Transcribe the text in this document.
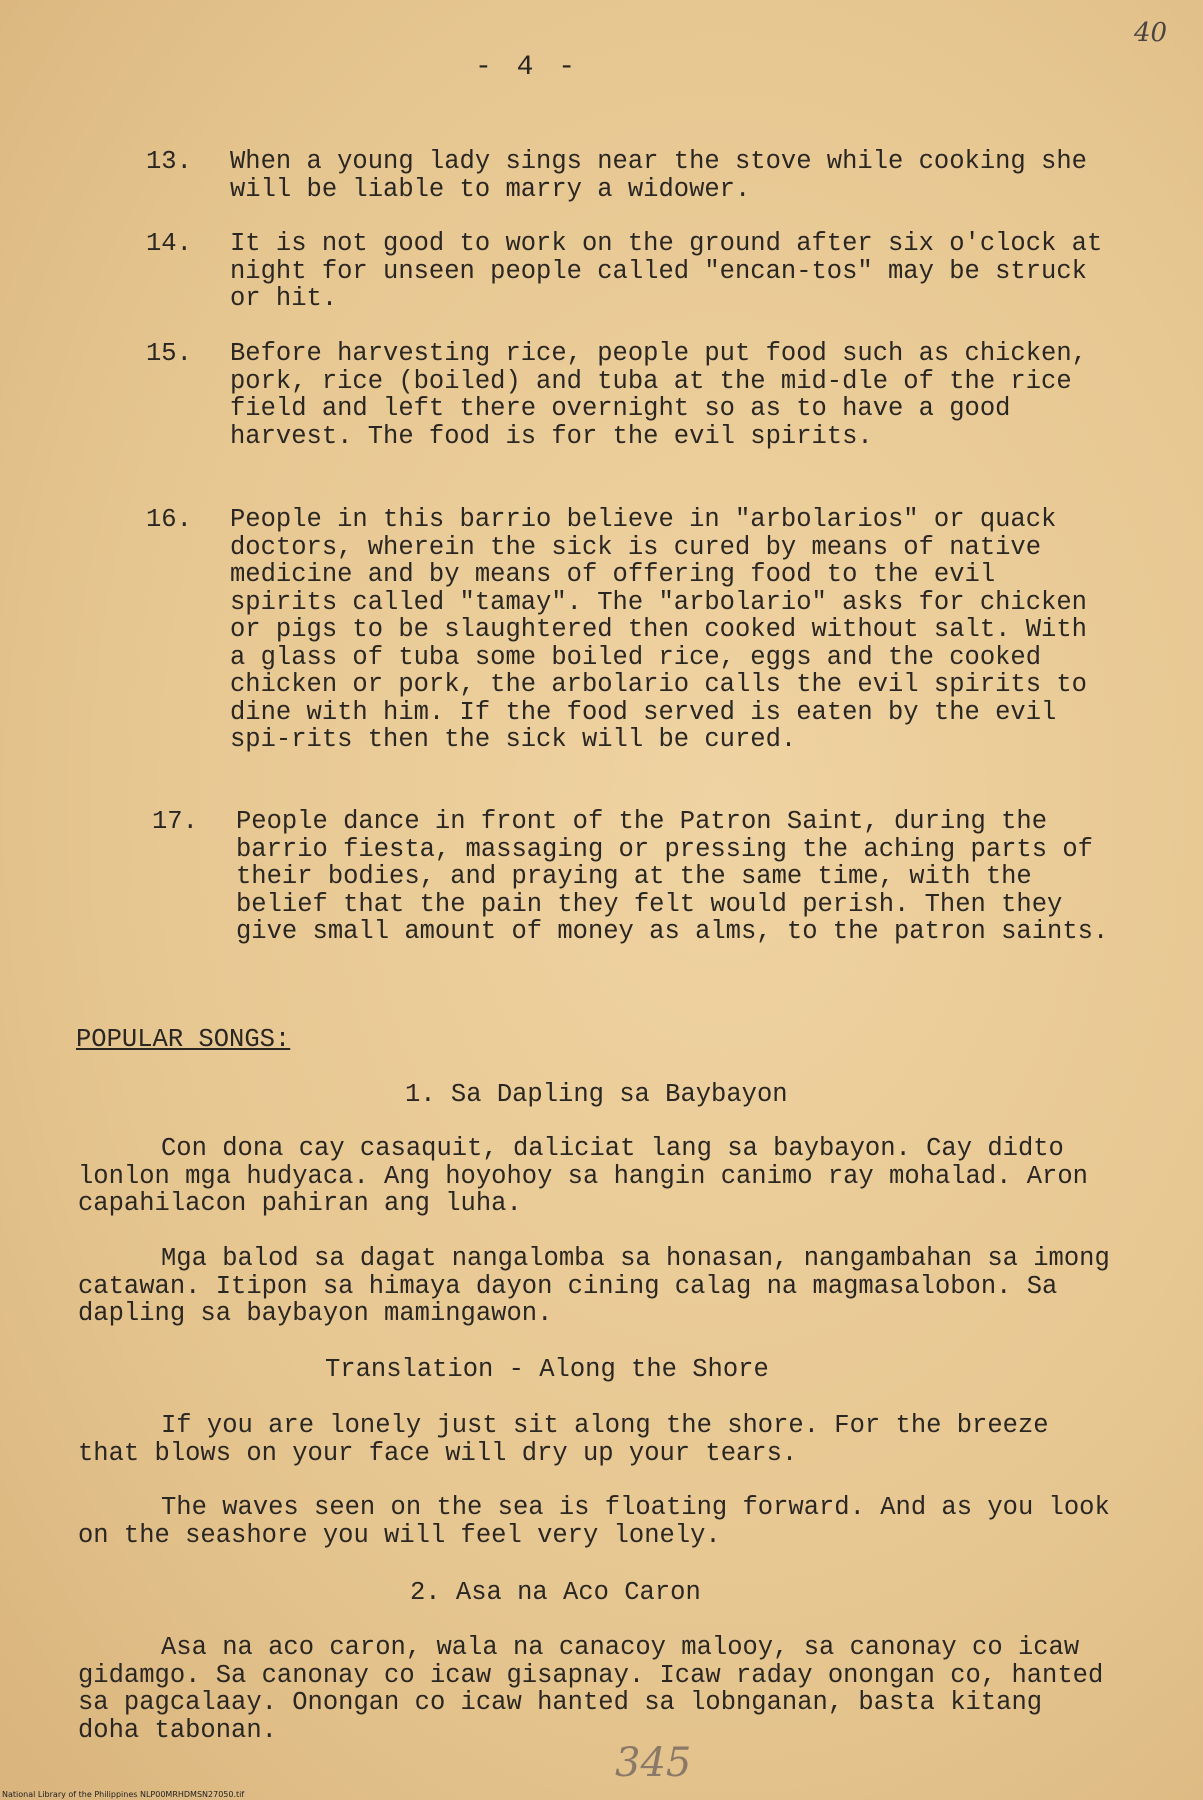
40
- 4 -
13.	When a young lady sings near the stove while cooking she will be liable to marry a widower.
14.	It is not good to work on the ground after six o'clock at night for unseen people called "encan-tos" may be struck or hit.
15.	Before harvesting rice, people put food such as chicken, pork, rice (boiled) and tuba at the mid-dle of the rice field and left there overnight so as to have a good harvest. The food is for the evil spirits.
16.	People in this barrio believe in "arbolarios" or quack doctors, wherein the sick is cured by means of native medicine and by means of offering food to the evil spirits called "tamay". The "arbolario" asks for chicken or pigs to be slaughtered then cooked without salt. With a glass of tuba some boiled rice, eggs and the cooked chicken or pork, the arbolario calls the evil spirits to dine with him. If the food served is eaten by the evil spi-rits then the sick will be cured.
17.	People dance in front of the Patron Saint, during the barrio fiesta, massaging or pressing the aching parts of their bodies, and praying at the same time, with the belief that the pain they felt would perish. Then they give small amount of money as alms, to the patron saints.
POPULAR SONGS:
1. Sa Dapling sa Baybayon
Con dona cay casaquit, daliciat lang sa baybayon. Cay didto lonlon mga hudyaca. Ang hoyohoy sa hangin canimo ray mohalad. Aron capahilacon pahiran ang luha.
Mga balod sa dagat nangalomba sa honasan, nangambahan sa imong catawan. Itipon sa himaya dayon cining calag na magmasalobon. Sa dapling sa baybayon mamingawon.
Translation - Along the Shore
If you are lonely just sit along the shore. For the breeze that blows on your face will dry up your tears.
The waves seen on the sea is floating forward. And as you look on the seashore you will feel very lonely.
2. Asa na Aco Caron
Asa na aco caron, wala na canacoy malooy, sa canonay co icaw gidamgo. Sa canonay co icaw gisapnay. Icaw raday onongan co, hanted sa pagcalaay. Onongan co icaw hanted sa lobnganan, basta kitang doha tabonan.
345
National Library of the Philippines NLP00MRHDMSN27050.tif
